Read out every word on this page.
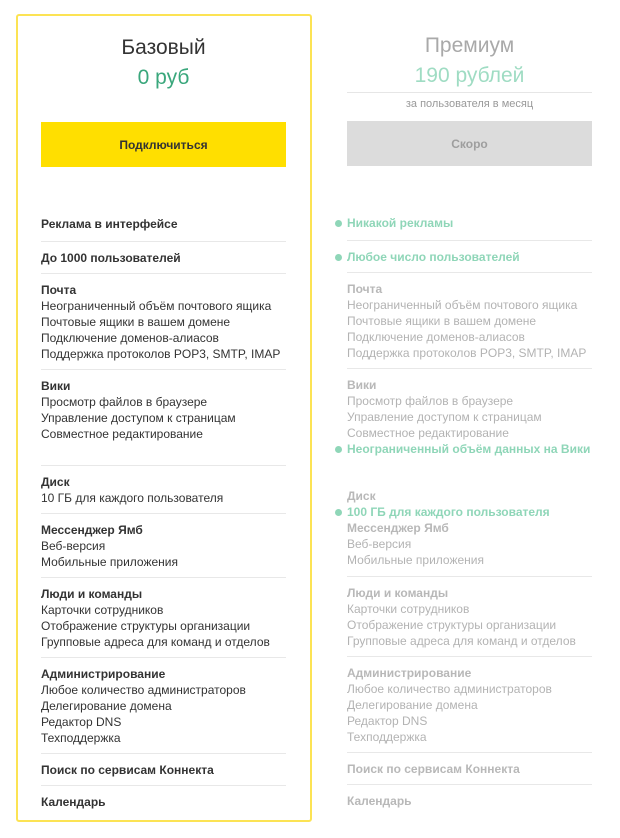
Базовый
0 руб
Подключиться
Реклама в интерфейсе
До 1000 пользователей
Почта
Неограниченный объём почтового ящика
Почтовые ящики в вашем домене
Подключение доменов-алиасов
Поддержка протоколов POP3, SMTP, IMAP
Вики
Просмотр файлов в браузере
Управление доступом к страницам
Совместное редактирование
Диск
10 ГБ для каждого пользователя
Мессенджер Ямб
Веб-версия
Мобильные приложения
Люди и команды
Карточки сотрудников
Отображение структуры организации
Групповые адреса для команд и отделов
Администрирование
Любое количество администраторов
Делегирование домена
Редактор DNS
Техподдержка
Поиск по сервисам Коннекта
Календарь
Премиум
190 рублей
за пользователя в месяц
Скоро
Никакой рекламы
Любое число пользователей
Почта
Неограниченный объём почтового ящика
Почтовые ящики в вашем домене
Подключение доменов-алиасов
Поддержка протоколов POP3, SMTP, IMAP
Вики
Просмотр файлов в браузере
Управление доступом к страницам
Совместное редактирование
Неограниченный объём данных на Вики
Диск
100 ГБ для каждого пользователя
Мессенджер Ямб
Веб-версия
Мобильные приложения
Люди и команды
Карточки сотрудников
Отображение структуры организации
Групповые адреса для команд и отделов
Администрирование
Любое количество администраторов
Делегирование домена
Редактор DNS
Техподдержка
Поиск по сервисам Коннекта
Календарь
